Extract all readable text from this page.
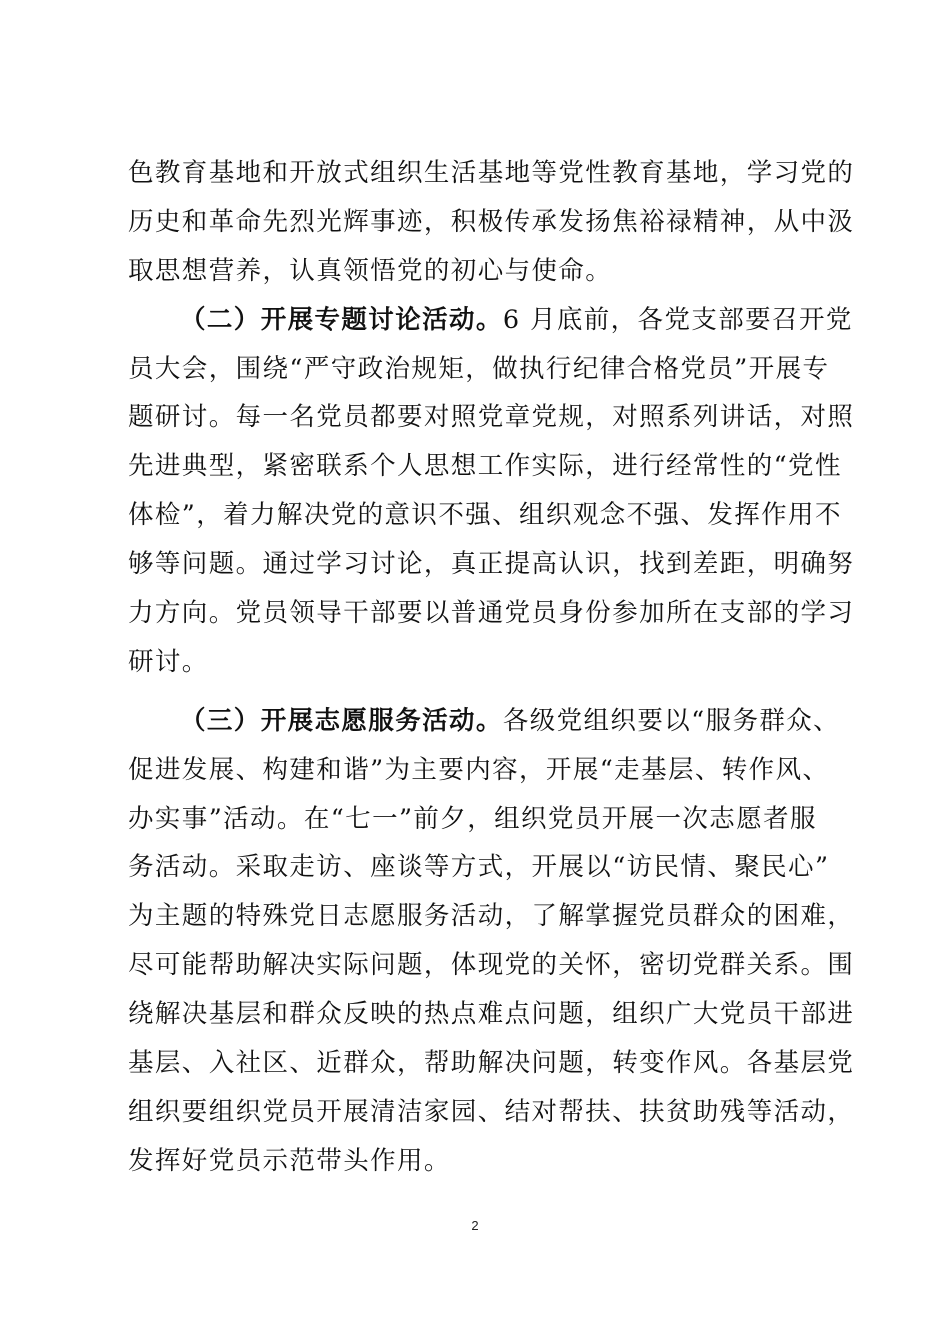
色教育基地和开放式组织生活基地等党性教育基地，学习党的
历史和革命先烈光辉事迹，积极传承发扬焦裕禄精神，从中汲
取思想营养，认真领悟党的初心与使命。
（二）开展专题讨论活动。6 月底前，各党支部要召开党
员大会，围绕“严守政治规矩，做执行纪律合格党员”开展专
题研讨。每一名党员都要对照党章党规，对照系列讲话，对照
先进典型，紧密联系个人思想工作实际，进行经常性的“党性
体检”，着力解决党的意识不强、组织观念不强、发挥作用不
够等问题。通过学习讨论，真正提高认识，找到差距，明确努
力方向。党员领导干部要以普通党员身份参加所在支部的学习
研讨。
（三）开展志愿服务活动。各级党组织要以“服务群众、
促进发展、构建和谐”为主要内容，开展“走基层、转作风、
办实事”活动。在“七一”前夕，组织党员开展一次志愿者服
务活动。采取走访、座谈等方式，开展以“访民情、聚民心”
为主题的特殊党日志愿服务活动，了解掌握党员群众的困难，
尽可能帮助解决实际问题，体现党的关怀，密切党群关系。围
绕解决基层和群众反映的热点难点问题，组织广大党员干部进
基层、入社区、近群众，帮助解决问题，转变作风。各基层党
组织要组织党员开展清洁家园、结对帮扶、扶贫助残等活动，
发挥好党员示范带头作用。
2
